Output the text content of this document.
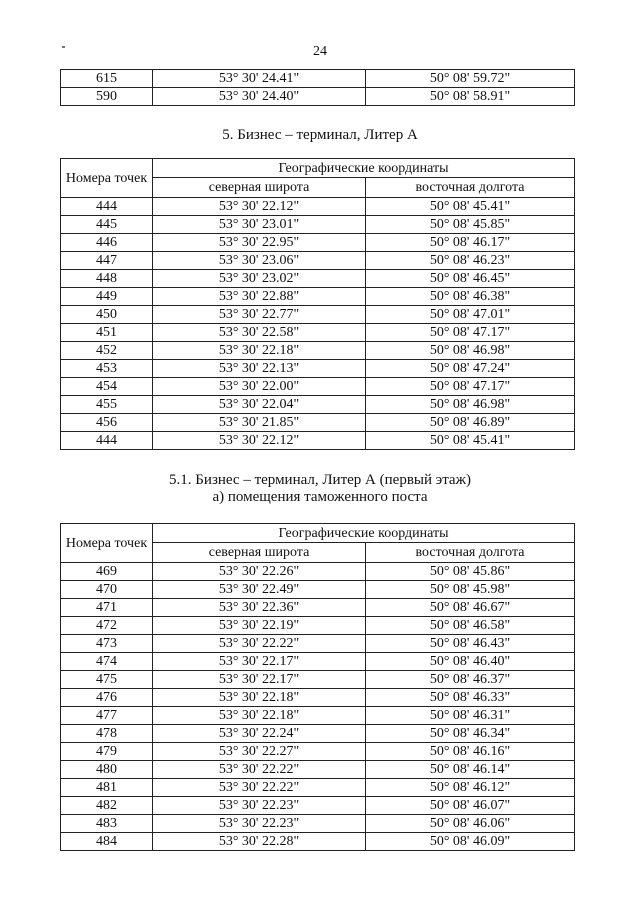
24
615	53° 30' 24.41"	50° 08' 59.72"
590	53° 30' 24.40"	50° 08' 58.91"
5. Бизнес – терминал, Литер А
Номера точек	Географические координаты	
	северная широта	восточная долгота
444	53° 30' 22.12"	50° 08' 45.41"
445	53° 30' 23.01"	50° 08' 45.85"
446	53° 30' 22.95"	50° 08' 46.17"
447	53° 30' 23.06"	50° 08' 46.23"
448	53° 30' 23.02"	50° 08' 46.45"
449	53° 30' 22.88"	50° 08' 46.38"
450	53° 30' 22.77"	50° 08' 47.01"
451	53° 30' 22.58"	50° 08' 47.17"
452	53° 30' 22.18"	50° 08' 46.98"
453	53° 30' 22.13"	50° 08' 47.24"
454	53° 30' 22.00"	50° 08' 47.17"
455	53° 30' 22.04"	50° 08' 46.98"
456	53° 30' 21.85"	50° 08' 46.89"
444	53° 30' 22.12"	50° 08' 45.41"
5.1. Бизнес – терминал, Литер А (первый этаж)
а) помещения таможенного поста
Номера точек	Географические координаты	
	северная широта	восточная долгота
469	53° 30' 22.26"	50° 08' 45.86"
470	53° 30' 22.49"	50° 08' 45.98"
471	53° 30' 22.36"	50° 08' 46.67"
472	53° 30' 22.19"	50° 08' 46.58"
473	53° 30' 22.22"	50° 08' 46.43"
474	53° 30' 22.17"	50° 08' 46.40"
475	53° 30' 22.17"	50° 08' 46.37"
476	53° 30' 22.18"	50° 08' 46.33"
477	53° 30' 22.18"	50° 08' 46.31"
478	53° 30' 22.24"	50° 08' 46.34"
479	53° 30' 22.27"	50° 08' 46.16"
480	53° 30' 22.22"	50° 08' 46.14"
481	53° 30' 22.22"	50° 08' 46.12"
482	53° 30' 22.23"	50° 08' 46.07"
483	53° 30' 22.23"	50° 08' 46.06"
484	53° 30' 22.28"	50° 08' 46.09"
